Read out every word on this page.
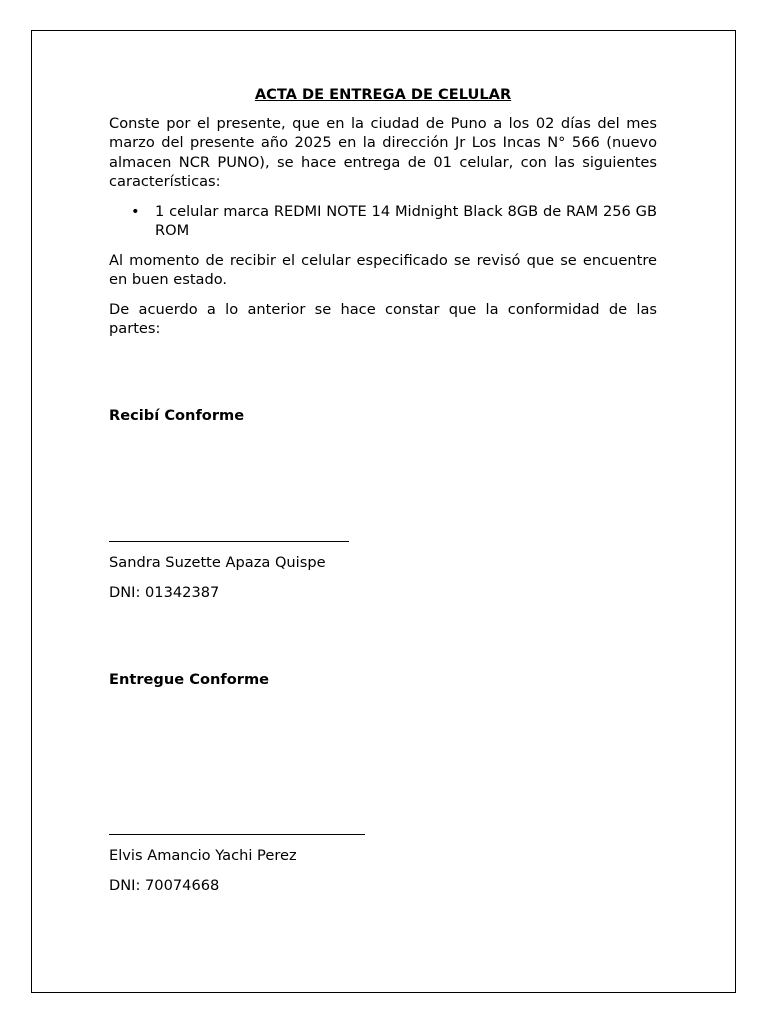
ACTA DE ENTREGA DE CELULAR

Conste por el presente, que en la ciudad de Puno a los 02 días del mes marzo del presente año 2025 en la dirección Jr Los Incas N° 566 (nuevo almacen NCR PUNO), se hace entrega de 01 celular, con las siguientes características:

• 1 celular marca REDMI NOTE 14 Midnight Black 8GB de RAM 256 GB ROM

Al momento de recibir el celular especificado se revisó que se encuentre en buen estado.

De acuerdo a lo anterior se hace constar que la conformidad de las partes:

Recibí Conforme
Sandra Suzette Apaza Quispe
DNI: 01342387
Entregue Conforme
Elvis Amancio Yachi Perez
DNI: 70074668
